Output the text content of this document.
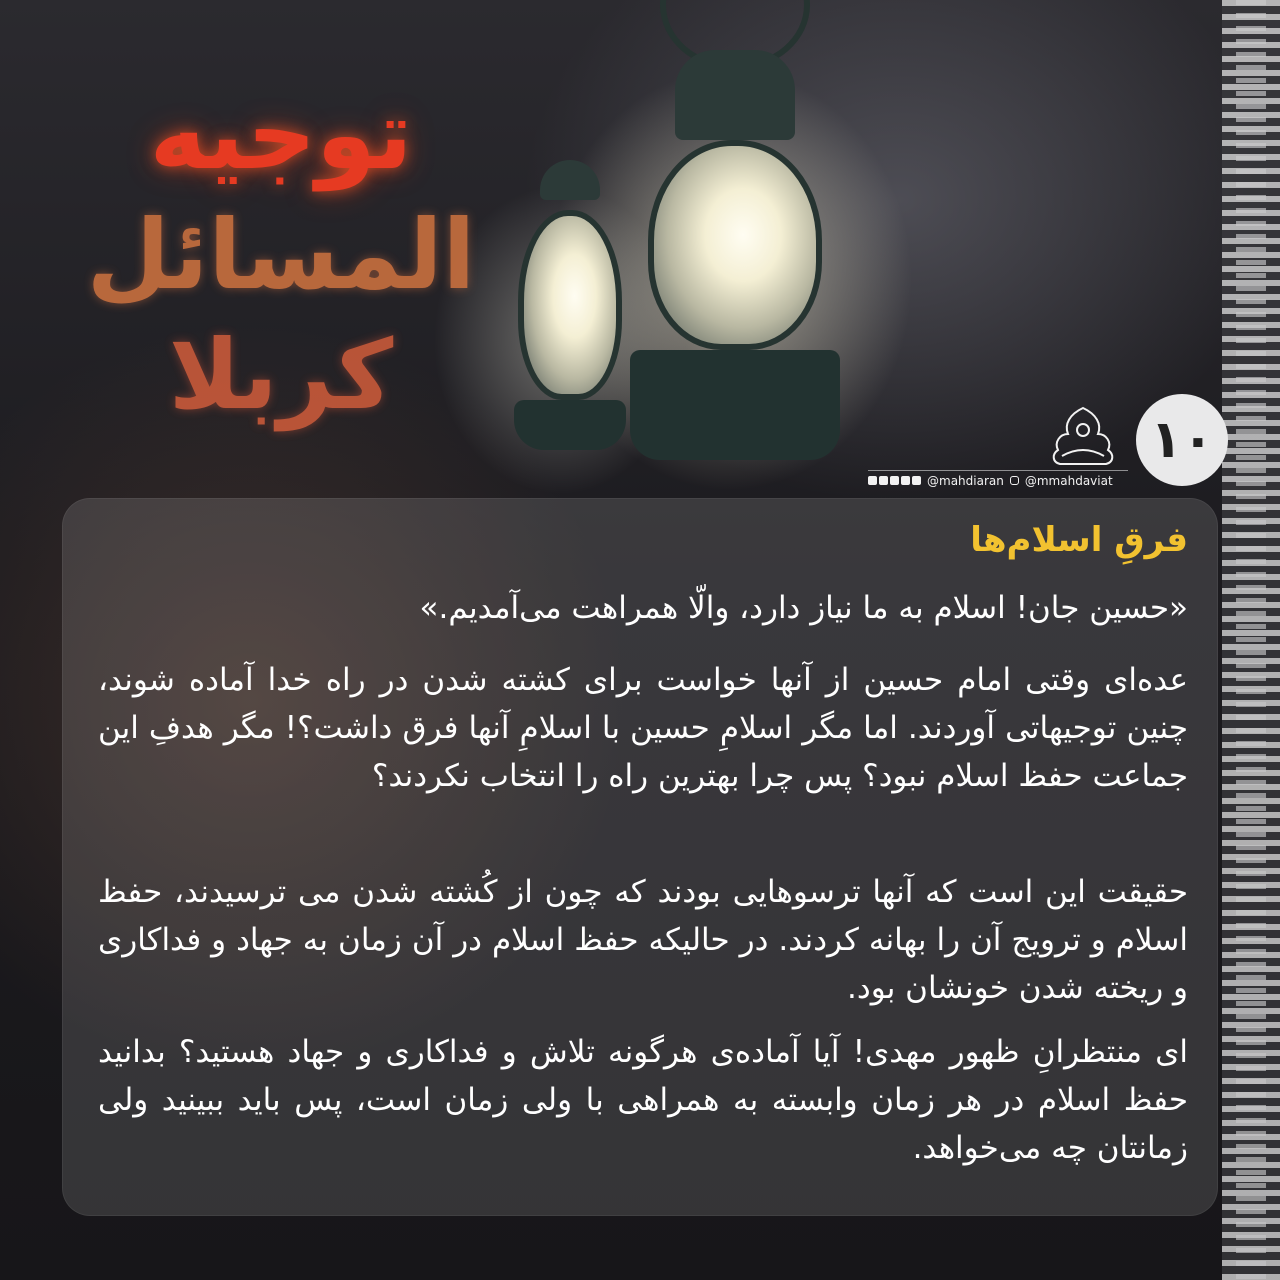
توجیه
المسائل
کربلا
۱۰
@mahdiaran @mmahdaviat
فرقِ اسلام‌ها
«حسین جان! اسلام به ما نیاز دارد، والّا همراهت می‌آمدیم.»
عده‌ای وقتی امام حسین از آنها خواست برای کشته شدن در راه خدا آماده شوند، چنین توجیهاتی آوردند. اما مگر اسلامِ حسین با اسلامِ آنها فرق داشت؟! مگر هدفِ این جماعت حفظ اسلام نبود؟ پس چرا بهترین راه را انتخاب نکردند؟
حقیقت این است که آنها ترسوهایی بودند که چون از کُشته شدن می ترسیدند، حفظ اسلام و ترویج آن را بهانه کردند. در حالیکه حفظ اسلام در آن زمان به جهاد و فداکاری و ریخته شدن خونشان بود.
ای منتظرانِ ظهور مهدی! آیا آماده‌ی هرگونه تلاش و فداکاری و جهاد هستید؟ بدانید حفظ اسلام در هر زمان وابسته به همراهی با ولی زمان است، پس باید ببینید ولی زمانتان چه می‌خواهد.
